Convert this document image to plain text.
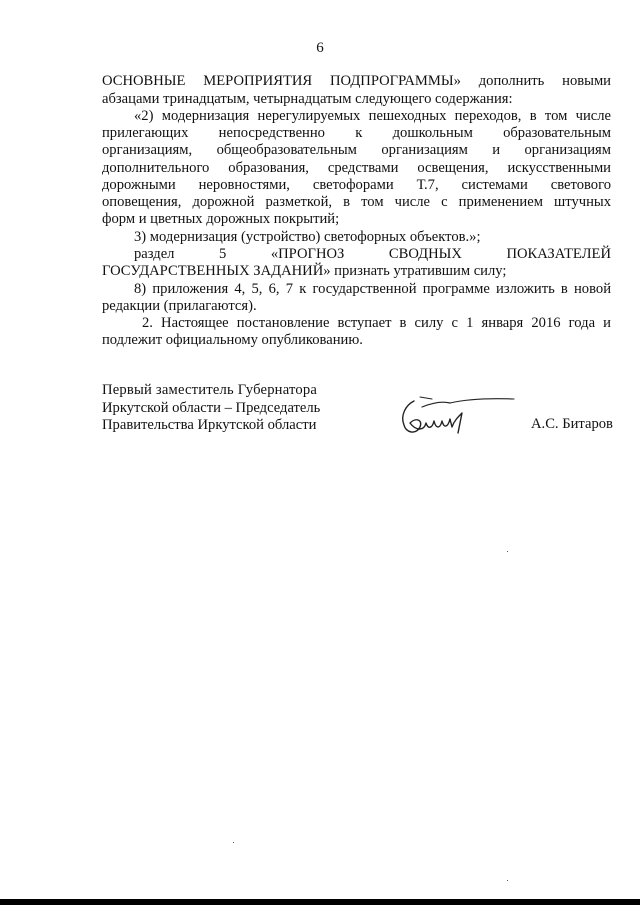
6
ОСНОВНЫЕ МЕРОПРИЯТИЯ ПОДПРОГРАММЫ» дополнить новыми
абзацами тринадцатым, четырнадцатым следующего содержания:
«2) модернизация нерегулируемых пешеходных переходов, в том числе
прилегающих непосредственно к дошкольным образовательным
организациям, общеобразовательным организациям и организациям
дополнительного образования, средствами освещения, искусственными
дорожными неровностями, светофорами Т.7, системами светового
оповещения, дорожной разметкой, в том числе с применением штучных
форм и цветных дорожных покрытий;
3) модернизация (устройство) светофорных объектов.»;
раздел 5 «ПРОГНОЗ СВОДНЫХ ПОКАЗАТЕЛЕЙ
ГОСУДАРСТВЕННЫХ ЗАДАНИЙ» признать утратившим силу;
8) приложения 4, 5, 6, 7 к государственной программе изложить в новой
редакции (прилагаются).
2. Настоящее постановление вступает в силу с 1 января 2016 года и
подлежит официальному опубликованию.
Первый заместитель Губернатора
Иркутской области – Председатель
Правительства Иркутской области	А.С. Битаров
